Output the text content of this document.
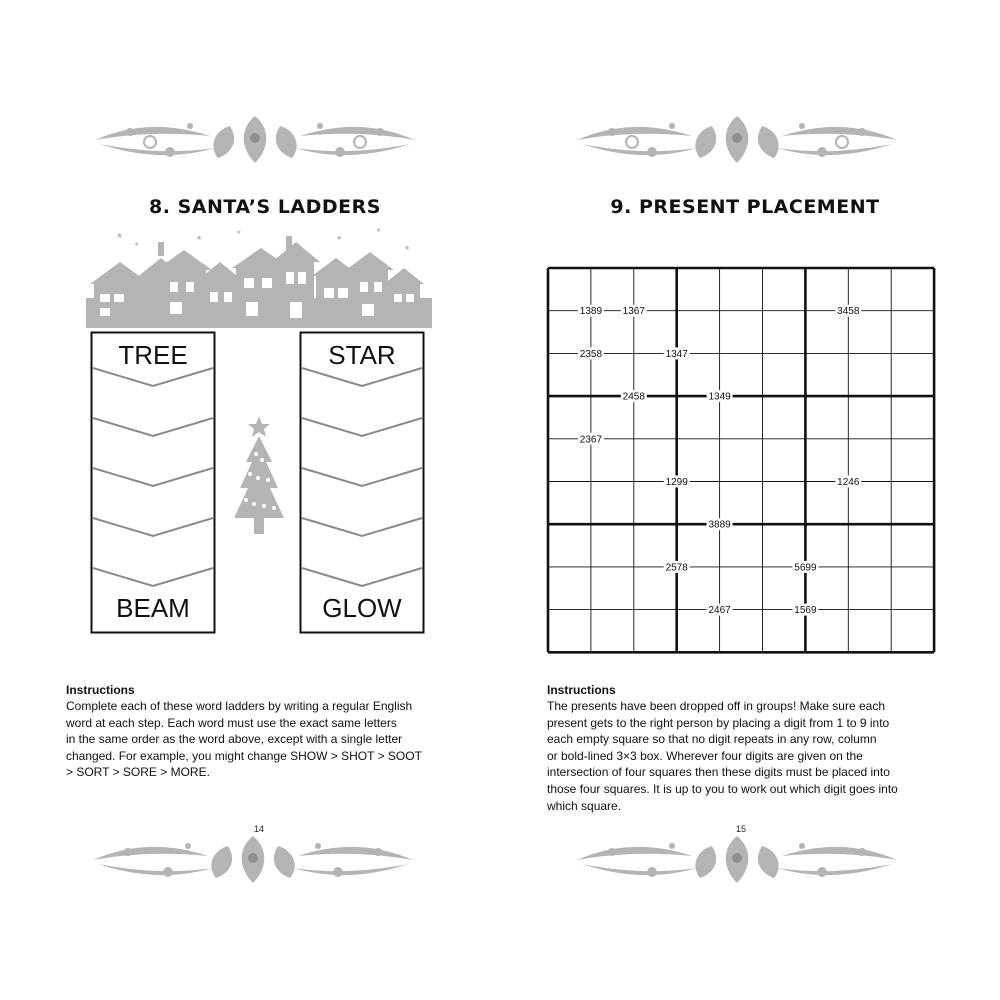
8. SANTA’S LADDERS
★
★
★
★
★
★
★
TREE
BEAM
STAR
GLOW
Instructions
Complete each of these word ladders by writing a regular English
word at each step. Each word must use the exact same letters
in the same order as the word above, except with a single letter
changed. For example, you might change SHOW > SHOT > SOOT
> SORT > SORE > MORE.
14
9. PRESENT PLACEMENT
1389 1367	3458
2358	1347
2458	1349
2367
1299	1246
3889
2578	5699
2467	1569
Instructions
The presents have been dropped off in groups! Make sure each
present gets to the right person by placing a digit from 1 to 9 into
each empty square so that no digit repeats in any row, column
or bold-lined 3×3 box. Wherever four digits are given on the
intersection of four squares then these digits must be placed into
those four squares. It is up to you to work out which digit goes into
which square.
15
